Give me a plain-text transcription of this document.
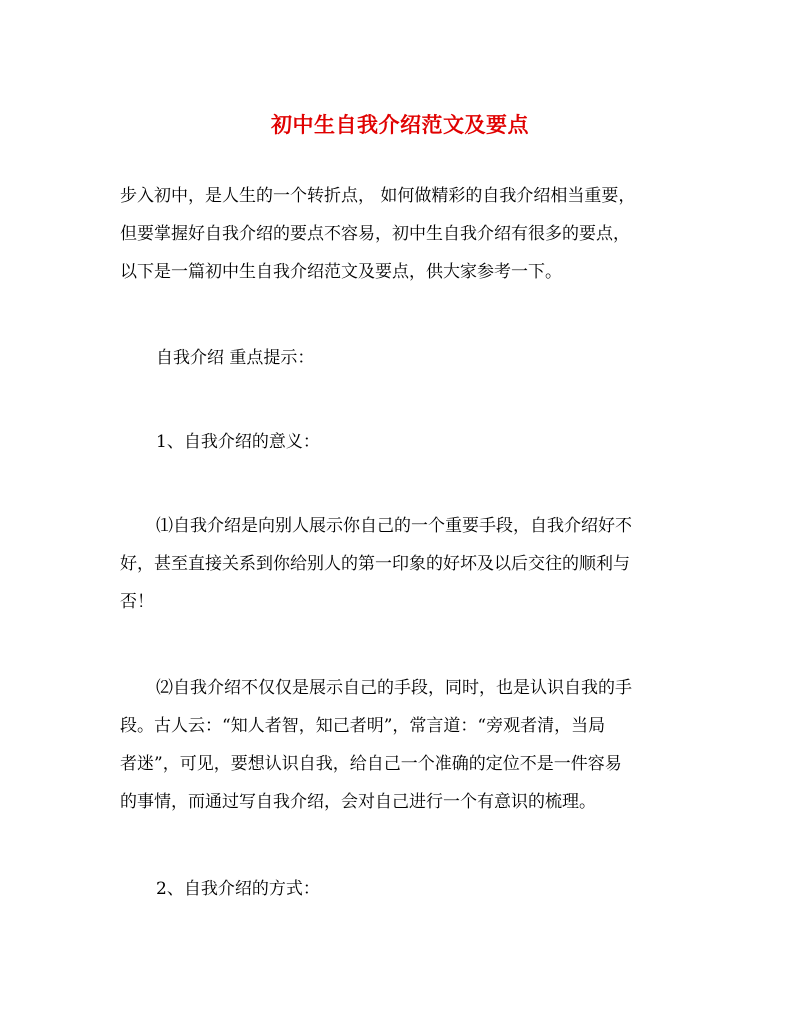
初中生自我介绍范文及要点
步入初中，是人生的一个转折点， 如何做精彩的自我介绍相当重要，
但要掌握好自我介绍的要点不容易，初中生自我介绍有很多的要点，
以下是一篇初中生自我介绍范文及要点，供大家参考一下。
自我介绍 重点提示：
1、自我介绍的意义：
⑴自我介绍是向别人展示你自己的一个重要手段，自我介绍好不
好，甚至直接关系到你给别人的第一印象的好坏及以后交往的顺利与
否！
⑵自我介绍不仅仅是展示自己的手段，同时，也是认识自我的手
段。古人云：“知人者智，知己者明”，常言道：“旁观者清，当局
者迷”，可见，要想认识自我，给自己一个准确的定位不是一件容易
的事情，而通过写自我介绍，会对自己进行一个有意识的梳理。
2、自我介绍的方式：
